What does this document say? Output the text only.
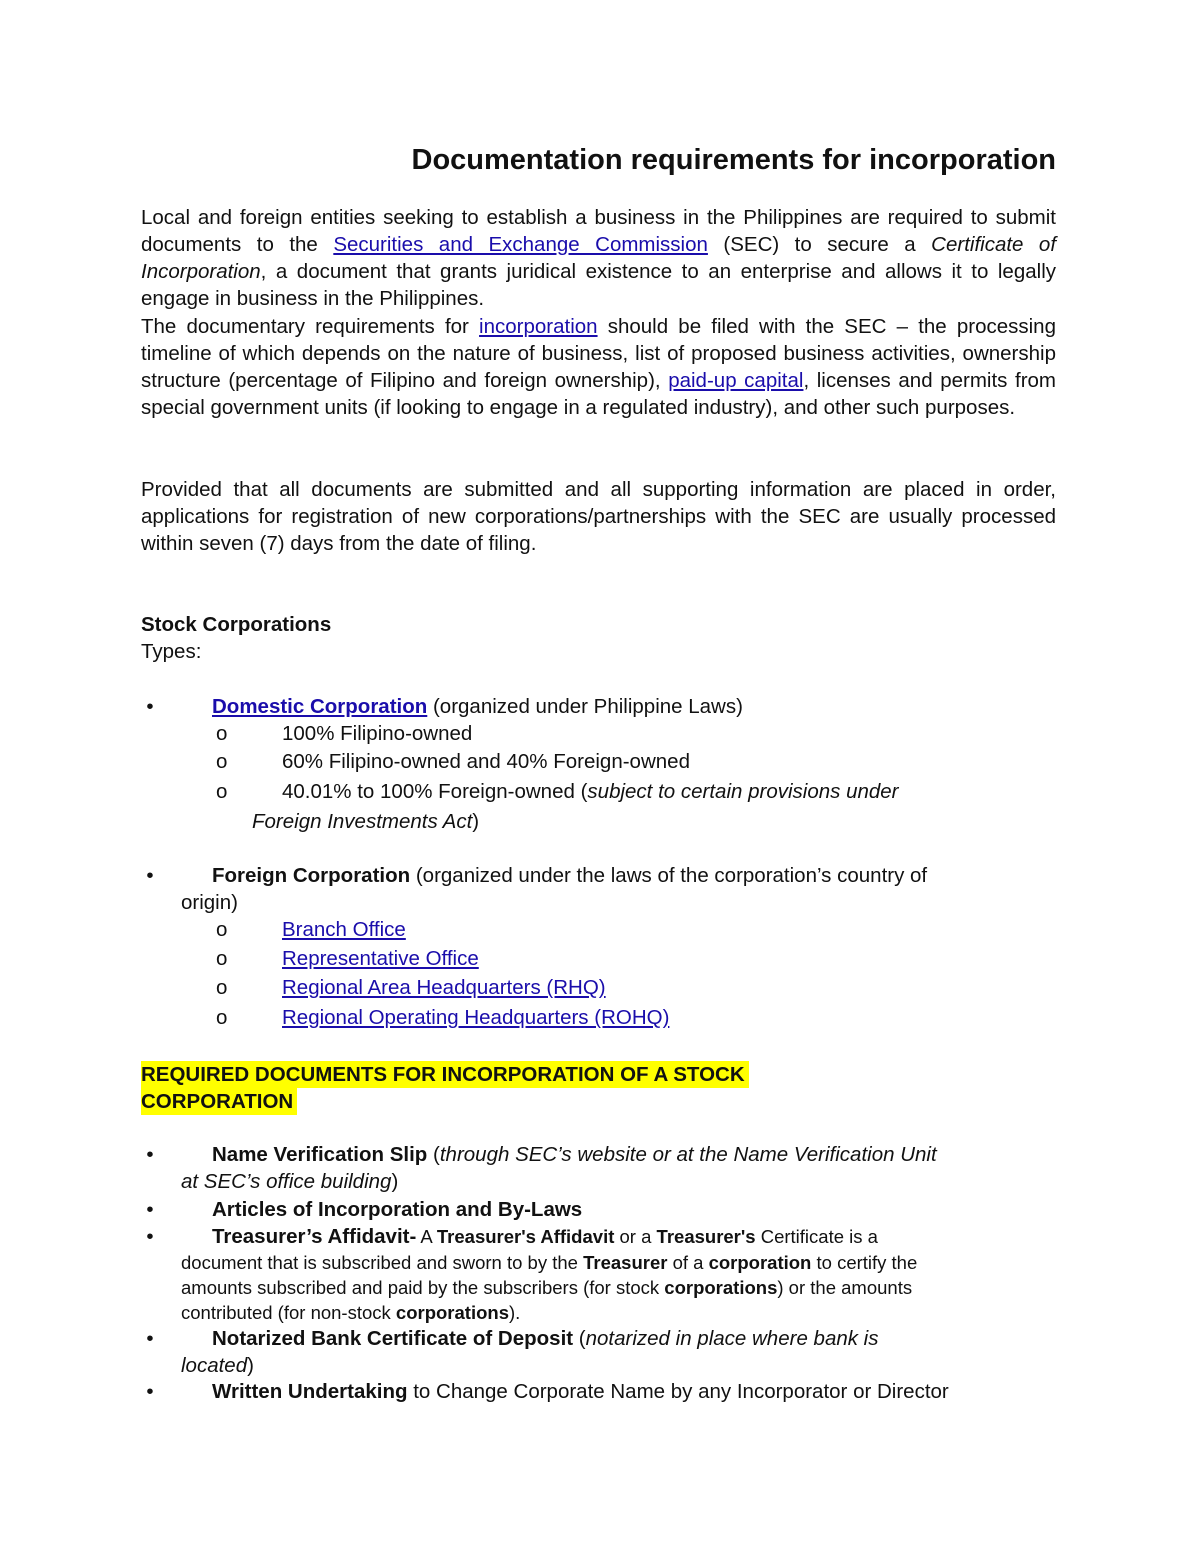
Documentation requirements for incorporation

Local and foreign entities seeking to establish a business in the Philippines are required to submit documents to the Securities and Exchange Commission (SEC) to secure a Certificate of Incorporation, a document that grants juridical existence to an enterprise and allows it to legally engage in business in the Philippines.

The documentary requirements for incorporation should be filed with the SEC – the processing timeline of which depends on the nature of business, list of proposed business activities, ownership structure (percentage of Filipino and foreign ownership), paid-up capital, licenses and permits from special government units (if looking to engage in a regulated industry), and other such purposes.

Provided that all documents are submitted and all supporting information are placed in order, applications for registration of new corporations/partnerships with the SEC are usually processed within seven (7) days from the date of filing.

Stock Corporations

Types:

•	Domestic Corporation (organized under Philippine Laws)
o	100% Filipino-owned
o	60% Filipino-owned and 40% Foreign-owned
o	40.01% to 100% Foreign-owned (subject to certain provisions under
Foreign Investments Act)
•	Foreign Corporation (organized under the laws of the corporation’s country of
origin)
o	Branch Office
o	Representative Office
o	Regional Area Headquarters (RHQ)
o	Regional Operating Headquarters (ROHQ)

REQUIRED DOCUMENTS FOR INCORPORATION OF A STOCK

CORPORATION

•	Name Verification Slip (through SEC’s website or at the Name Verification Unit
at SEC’s office building)
•	Articles of Incorporation and By-Laws
•	Treasurer’s Affidavit- A Treasurer's Affidavit or a Treasurer's Certificate is a
document that is subscribed and sworn to by the Treasurer of a corporation to certify the
amounts subscribed and paid by the subscribers (for stock corporations) or the amounts
contributed (for non-stock corporations).
•	Notarized Bank Certificate of Deposit (notarized in place where bank is
located)
•	Written Undertaking to Change Corporate Name by any Incorporator or Director
